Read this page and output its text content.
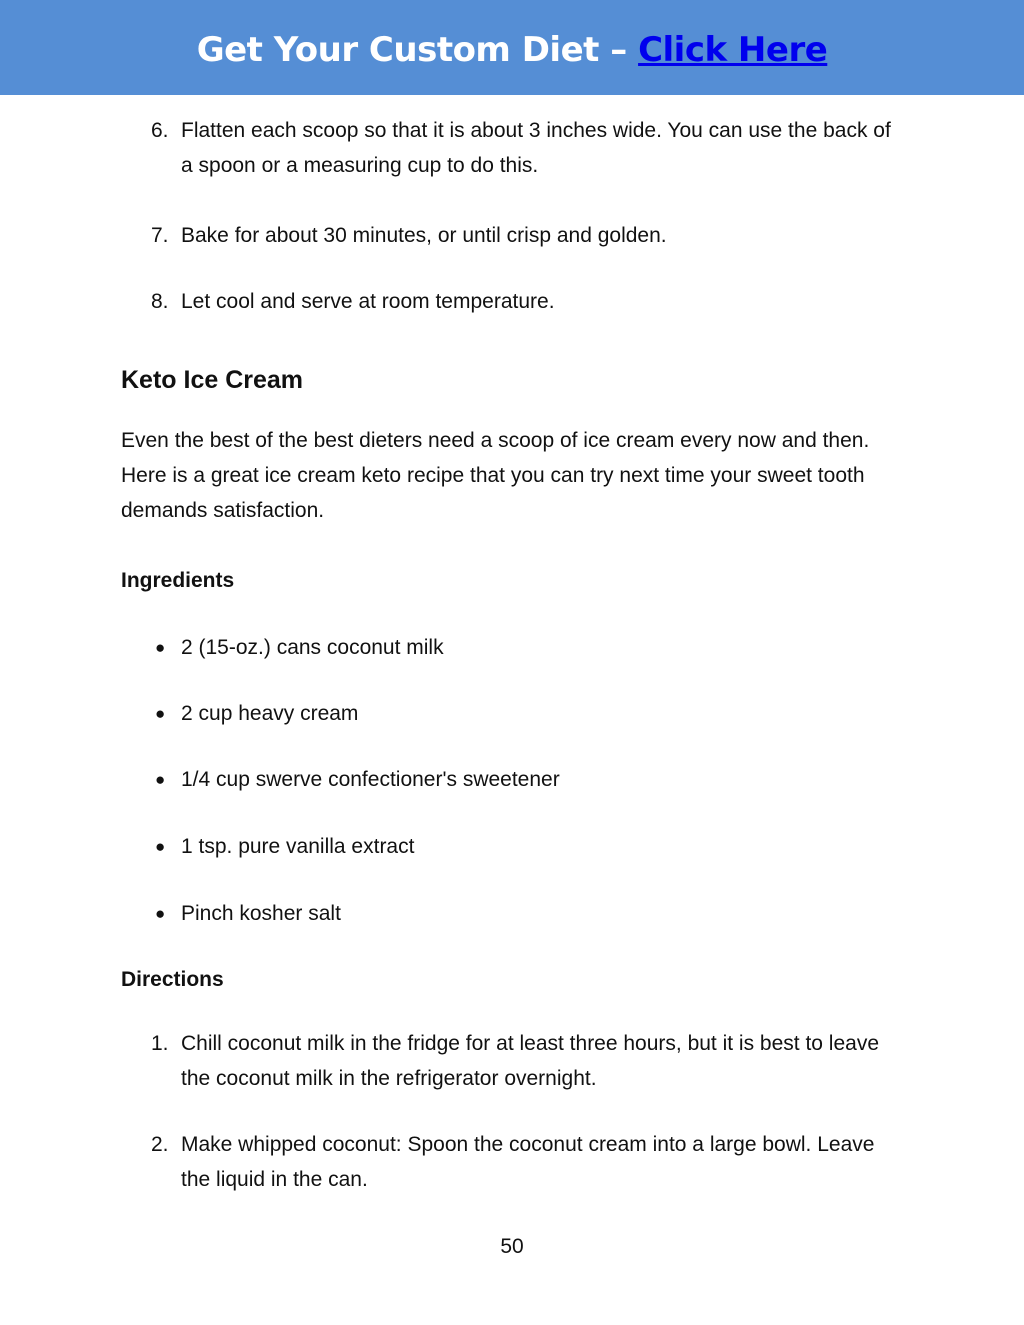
Get Your Custom Diet – Click Here
6. Flatten each scoop so that it is about 3 inches wide. You can use the back of a spoon or a measuring cup to do this.
7. Bake for about 30 minutes, or until crisp and golden.
8. Let cool and serve at room temperature.
Keto Ice Cream
Even the best of the best dieters need a scoop of ice cream every now and then. Here is a great ice cream keto recipe that you can try next time your sweet tooth demands satisfaction.
Ingredients
● 2 (15-oz.) cans coconut milk
● 2 cup heavy cream
● 1/4 cup swerve confectioner's sweetener
● 1 tsp. pure vanilla extract
● Pinch kosher salt
Directions
1. Chill coconut milk in the fridge for at least three hours, but it is best to leave the coconut milk in the refrigerator overnight.
2. Make whipped coconut: Spoon the coconut cream into a large bowl. Leave the liquid in the can.
50
